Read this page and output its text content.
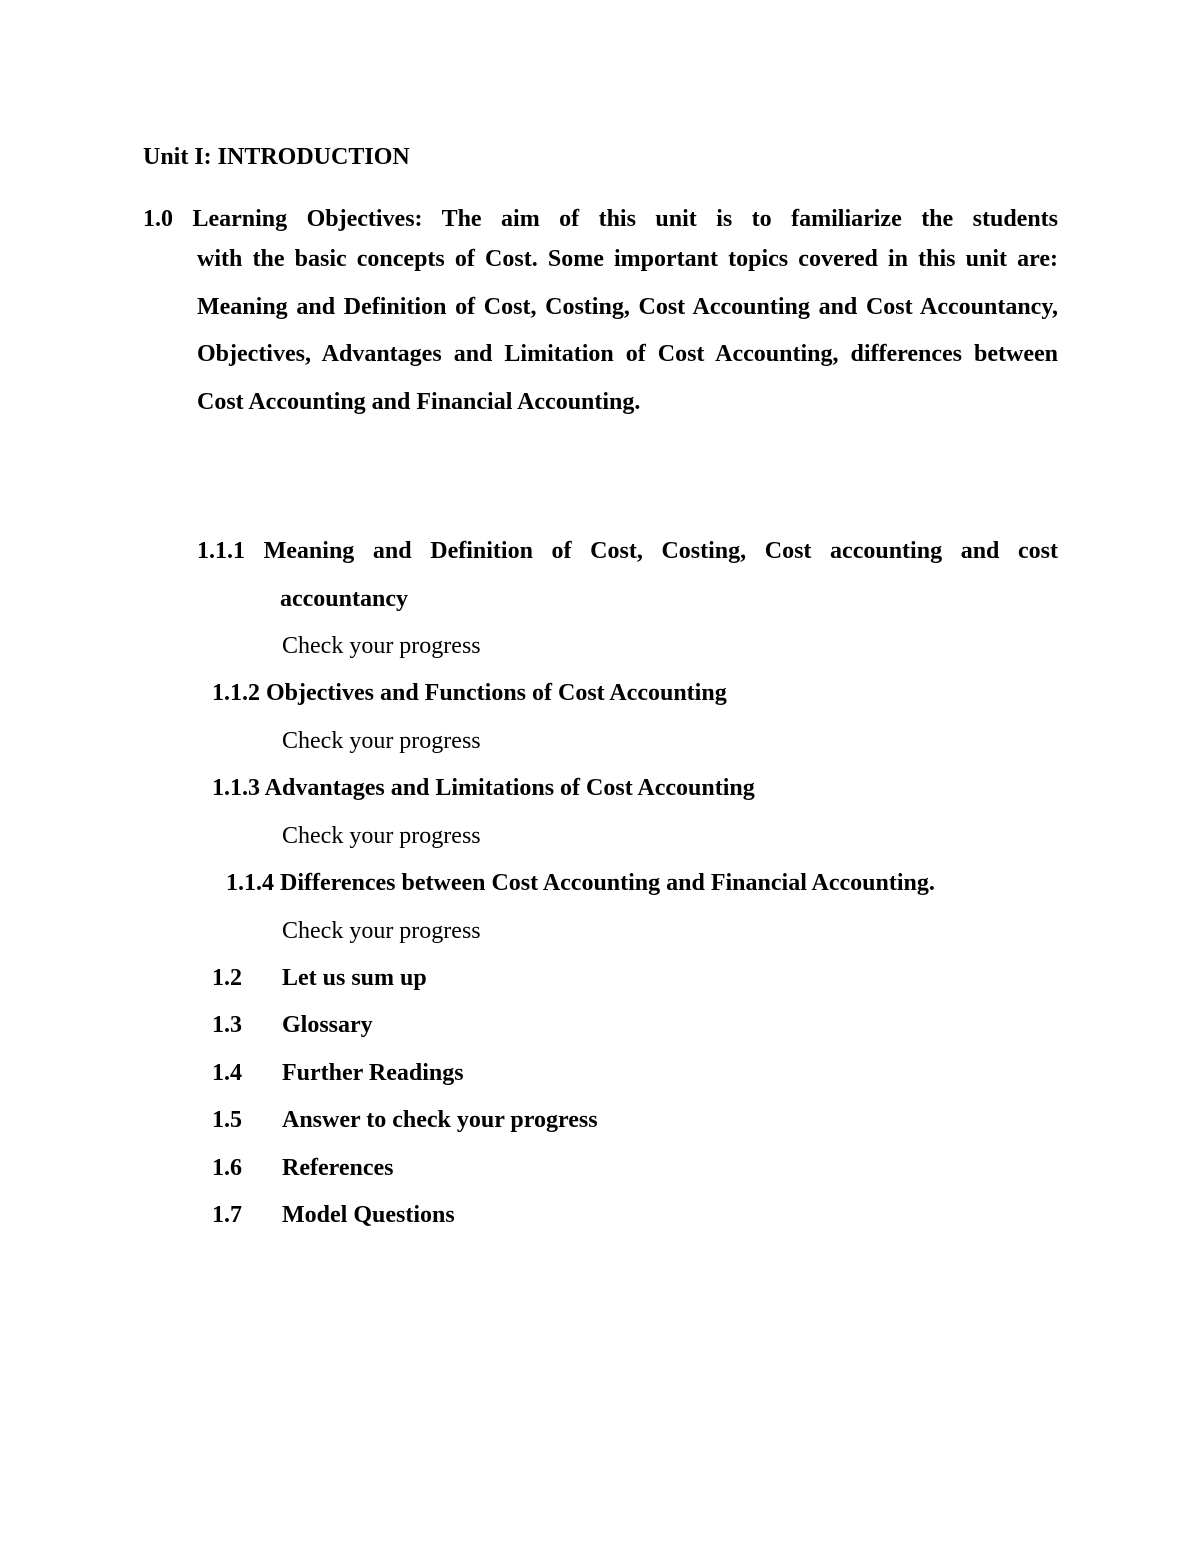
Unit I: INTRODUCTION
1.0 Learning Objectives: The aim of this unit is to familiarize the students
with the basic concepts of Cost. Some important topics covered in this unit are: Meaning and Definition of Cost, Costing, Cost Accounting and Cost Accountancy, Objectives, Advantages and Limitation of Cost Accounting, differences between Cost Accounting and Financial Accounting.
1.1.1 Meaning and Definition of Cost, Costing, Cost accounting and cost
accountancy
Check your progress
1.1.2 Objectives and Functions of Cost Accounting
Check your progress
1.1.3 Advantages and Limitations of Cost Accounting
Check your progress
1.1.4 Differences between Cost Accounting and Financial Accounting.
Check your progress
1.2 Let us sum up
1.3 Glossary
1.4 Further Readings
1.5 Answer to check your progress
1.6 References
1.7 Model Questions
